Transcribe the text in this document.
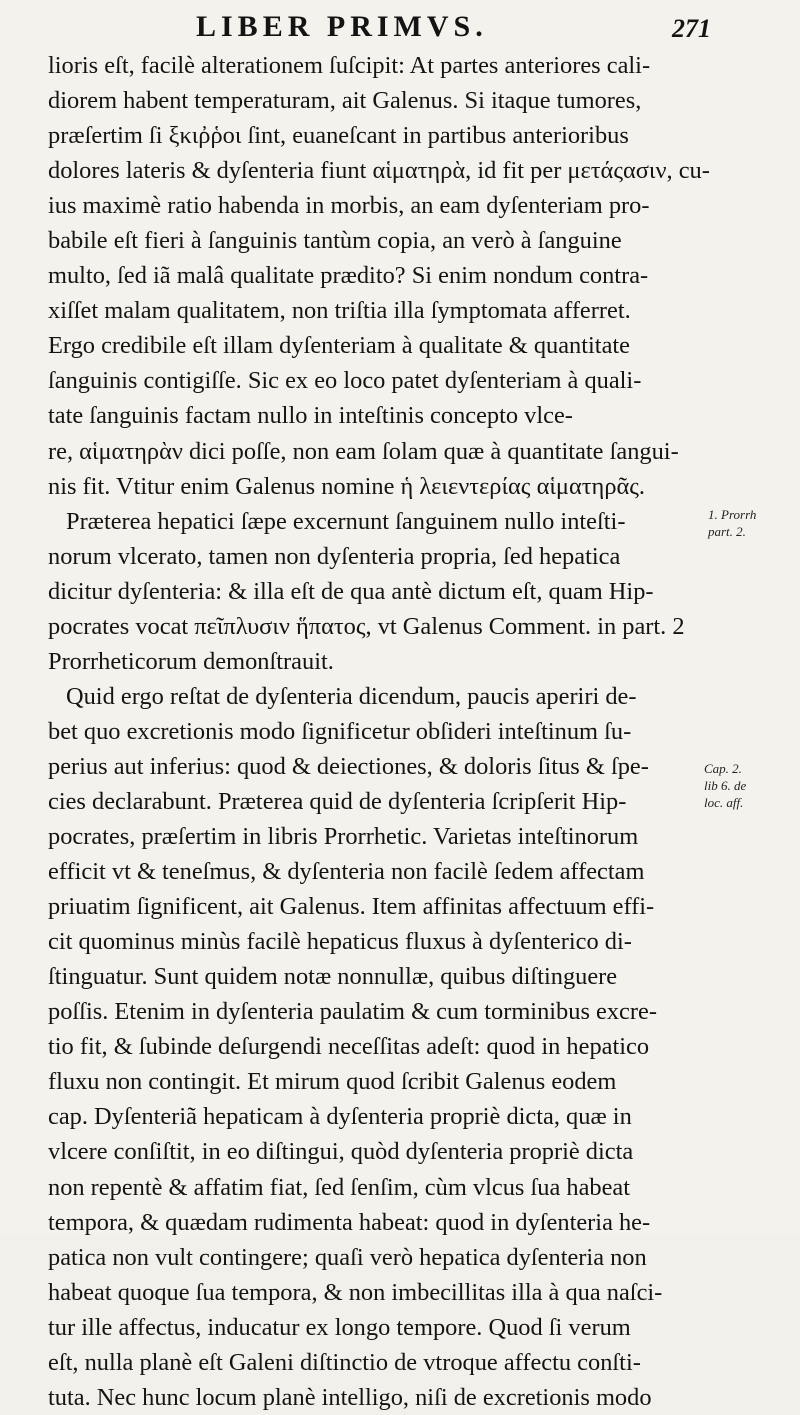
LIBER PRIMVS.	271
lioris eſt, facilè alterationem ſuſcipit: At partes anteriores cali-
diorem habent temperaturam, ait Galenus. Si itaque tumores,
præſertim ſi ξκιῤῥοι ſint, euaneſcant in partibus anterioribus
dolores lateris & dyſenteria fiunt αἱματηρὰ, id fit per μετάςασιν, cu-
ius maximè ratio habenda in morbis, an eam dyſenteriam pro-
babile eſt fieri à ſanguinis tantùm copia, an verò à ſanguine
multo, ſed iã malâ qualitate prædito? Si enim nondum contra-
xiſſet malam qualitatem, non triſtia illa ſymptomata afferret.
Ergo credibile eſt illam dyſenteriam à qualitate & quantitate
ſanguinis contigiſſe. Sic ex eo loco patet dyſenteriam à quali-
tate ſanguinis factam nullo in inteſtinis concepto vlce-
re, αἱματηρὰν dici poſſe, non eam ſolam quæ à quantitate ſangui-
nis fit. Vtitur enim Galenus nomine ἡ λειεντερίας αἱματηρᾶς.
Præterea hepatici ſæpe excernunt ſanguinem nullo inteſti-
norum vlcerato, tamen non dyſenteria propria, ſed hepatica
dicitur dyſenteria: & illa eſt de qua antè dictum eſt, quam Hip-
pocrates vocat πεῖπλυσιν ἥπατος, vt Galenus Comment. in part. 2
Prorrheticorum demonſtrauit.
Quid ergo reſtat de dyſenteria dicendum, paucis aperiri de-
bet quo excretionis modo ſignificetur obſideri inteſtinum ſu-
perius aut inferius: quod & deiectiones, & doloris ſitus & ſpe-
cies declarabunt. Præterea quid de dyſenteria ſcripſerit Hip-
pocrates, præſertim in libris Prorrhetic. Varietas inteſtinorum
efficit vt & teneſmus, & dyſenteria non facilè ſedem affectam
priuatim ſignificent, ait Galenus. Item affinitas affectuum effi-
cit quominus minùs facilè hepaticus fluxus à dyſenterico di-
ſtinguatur. Sunt quidem notæ nonnullæ, quibus diſtinguere
poſſis. Etenim in dyſenteria paulatim & cum torminibus excre-
tio fit, & ſubinde deſurgendi neceſſitas adeſt: quod in hepatico
fluxu non contingit. Et mirum quod ſcribit Galenus eodem
cap. Dyſenteriã hepaticam à dyſenteria propriè dicta, quæ in
vlcere conſiſtit, in eo diſtingui, quòd dyſenteria propriè dicta
non repentè & affatim fiat, ſed ſenſim, cùm vlcus ſua habeat
tempora, & quædam rudimenta habeat: quod in dyſenteria he-
patica non vult contingere; quaſi verò hepatica dyſenteria non
habeat quoque ſua tempora, & non imbecillitas illa à qua naſci-
tur ille affectus, inducatur ex longo tempore. Quod ſi verum
eſt, nulla planè eſt Galeni diſtinctio de vtroque affectu conſti-
tuta. Nec hunc locum planè intelligo, niſi de excretionis modo
1. Prorrh
part. 2.
Cap. 2.
lib 6. de
loc. aff.
